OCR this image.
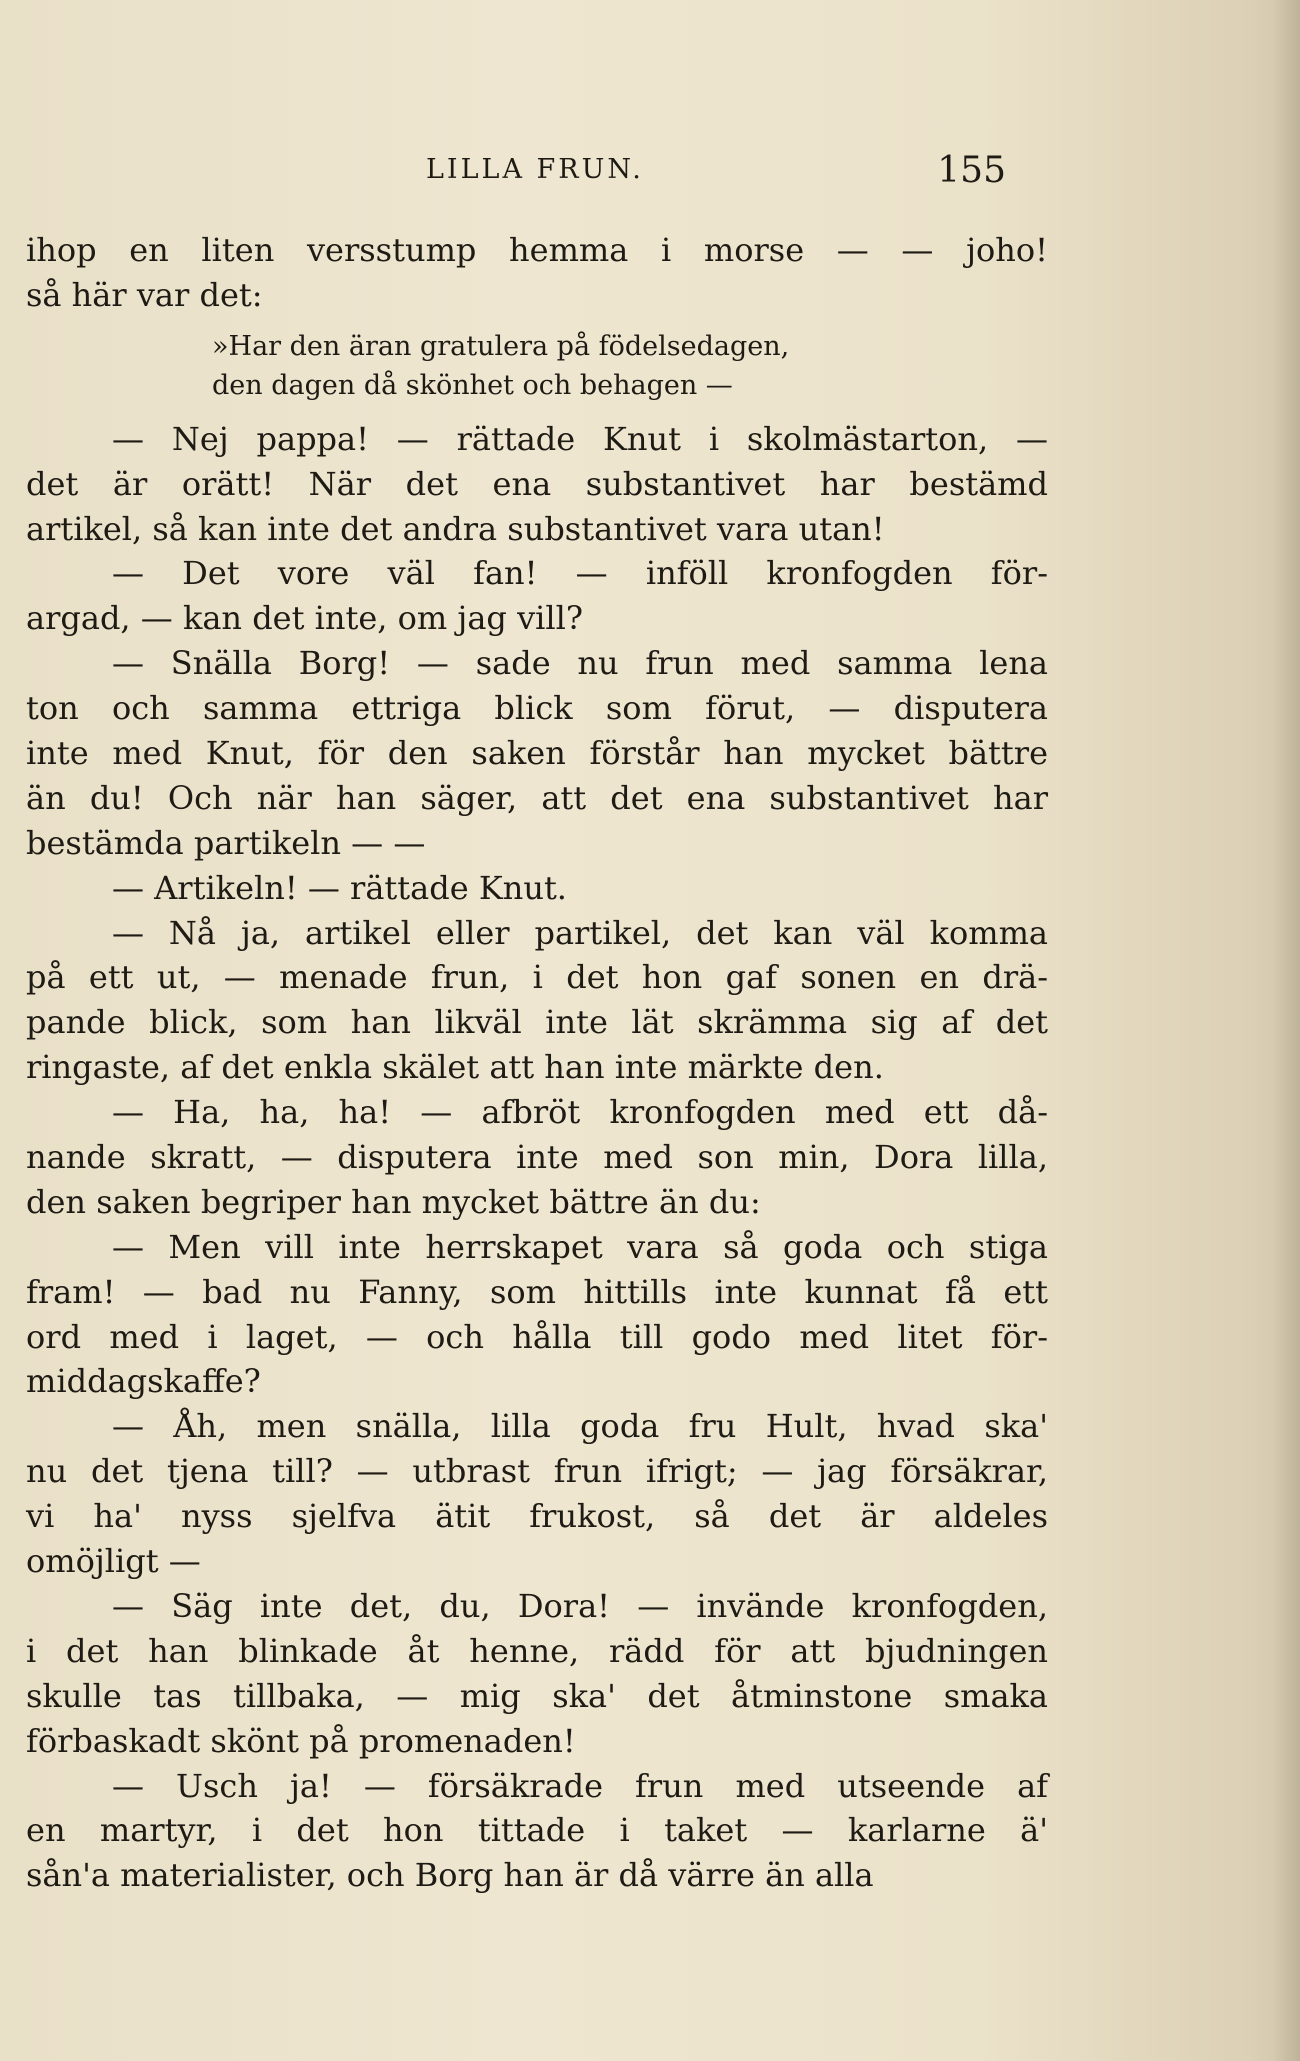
LILLA FRUN.	155
ihop en liten versstump hemma i morse — — joho!
så här var det:
»Har den äran gratulera på födelsedagen,
den dagen då skönhet och behagen —
— Nej pappa! — rättade Knut i skolmästarton, —
det är orätt! När det ena substantivet har bestämd
artikel, så kan inte det andra substantivet vara utan!
— Det vore väl fan! — inföll kronfogden för-
argad, — kan det inte, om jag vill?
— Snälla Borg! — sade nu frun med samma lena
ton och samma ettriga blick som förut, — disputera
inte med Knut, för den saken förstår han mycket bättre
än du! Och när han säger, att det ena substantivet har
bestämda partikeln — —
— Artikeln! — rättade Knut.
— Nå ja, artikel eller partikel, det kan väl komma
på ett ut, — menade frun, i det hon gaf sonen en drä-
pande blick, som han likväl inte lät skrämma sig af det
ringaste, af det enkla skälet att han inte märkte den.
— Ha, ha, ha! — afbröt kronfogden med ett då-
nande skratt, — disputera inte med son min, Dora lilla,
den saken begriper han mycket bättre än du:
— Men vill inte herrskapet vara så goda och stiga
fram! — bad nu Fanny, som hittills inte kunnat få ett
ord med i laget, — och hålla till godo med litet för-
middagskaffe?
— Åh, men snälla, lilla goda fru Hult, hvad ska'
nu det tjena till? — utbrast frun ifrigt; — jag försäkrar,
vi ha' nyss sjelfva ätit frukost, så det är aldeles
omöjligt —
— Säg inte det, du, Dora! — invände kronfogden,
i det han blinkade åt henne, rädd för att bjudningen
skulle tas tillbaka, — mig ska' det åtminstone smaka
förbaskadt skönt på promenaden!
— Usch ja! — försäkrade frun med utseende af
en martyr, i det hon tittade i taket — karlarne ä'
sån'a materialister, och Borg han är då värre än alla
